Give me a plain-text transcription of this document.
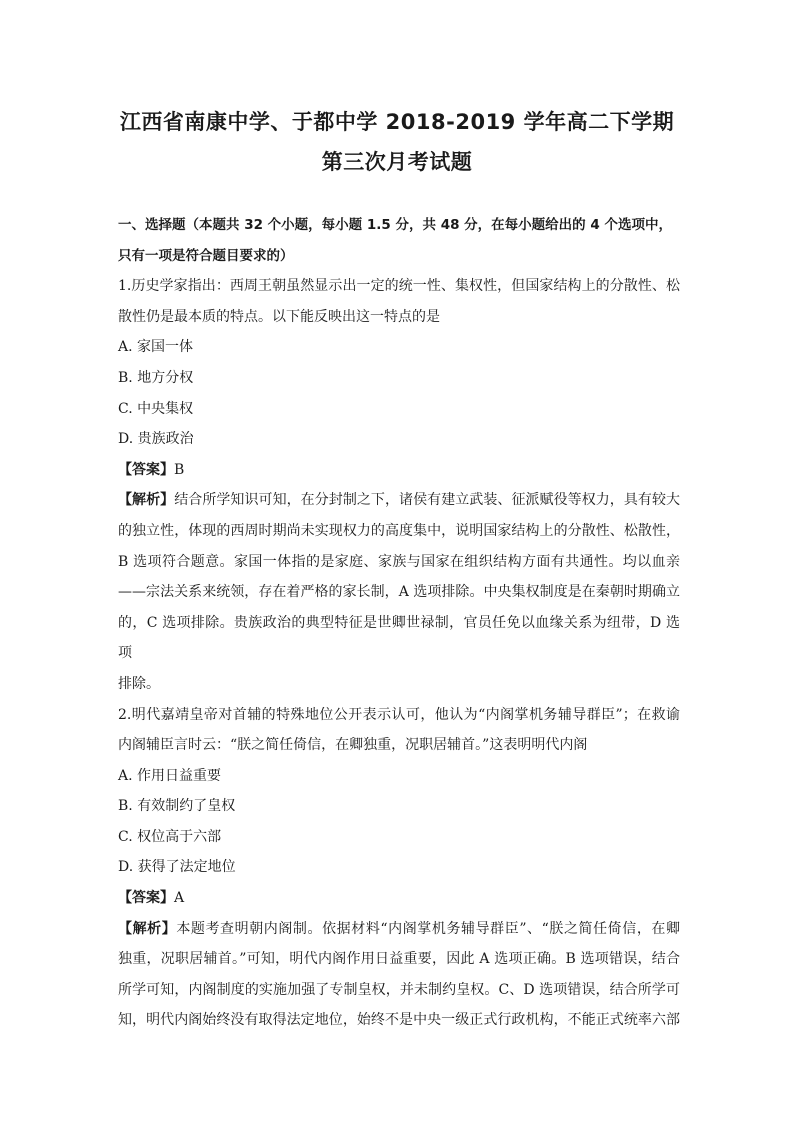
江西省南康中学、于都中学 2018-2019 学年高二下学期
第三次月考试题

一、选择题（本题共 32 个小题，每小题 1.5 分，共 48 分，在每小题给出的 4 个选项中，

只有一项是符合题目要求的）

1.历史学家指出：西周王朝虽然显示出一定的统一性、集权性，但国家结构上的分散性、松

散性仍是最本质的特点。以下能反映出这一特点的是

A. 家国一体

B. 地方分权

C. 中央集权

D. 贵族政治

【答案】B

【解析】结合所学知识可知，在分封制之下，诸侯有建立武装、征派赋役等权力，具有较大

的独立性，体现的西周时期尚未实现权力的高度集中，说明国家结构上的分散性、松散性，

B 选项符合题意。家国一体指的是家庭、家族与国家在组织结构方面有共通性。均以血亲

——宗法关系来统领，存在着严格的家长制，A 选项排除。中央集权制度是在秦朝时期确立

的，C 选项排除。贵族政治的典型特征是世卿世禄制，官员任免以血缘关系为纽带，D 选项

排除。

2.明代嘉靖皇帝对首辅的特殊地位公开表示认可，他认为“内阁掌机务辅导群臣”；在救谕

内阁辅臣言时云：“朕之简任倚信，在卿独重，况职居辅首。”这表明明代内阁

A. 作用日益重要

B. 有效制约了皇权

C. 权位高于六部

D. 获得了法定地位

【答案】A

【解析】本题考查明朝内阁制。依据材料“内阁掌机务辅导群臣”、“朕之简任倚信，在卿

独重，况职居辅首。”可知，明代内阁作用日益重要，因此 A 选项正确。B 选项错误，结合

所学可知，内阁制度的实施加强了专制皇权，并未制约皇权。C、D 选项错误，结合所学可

知，明代内阁始终没有取得法定地位，始终不是中央一级正式行政机构，不能正式统率六部
